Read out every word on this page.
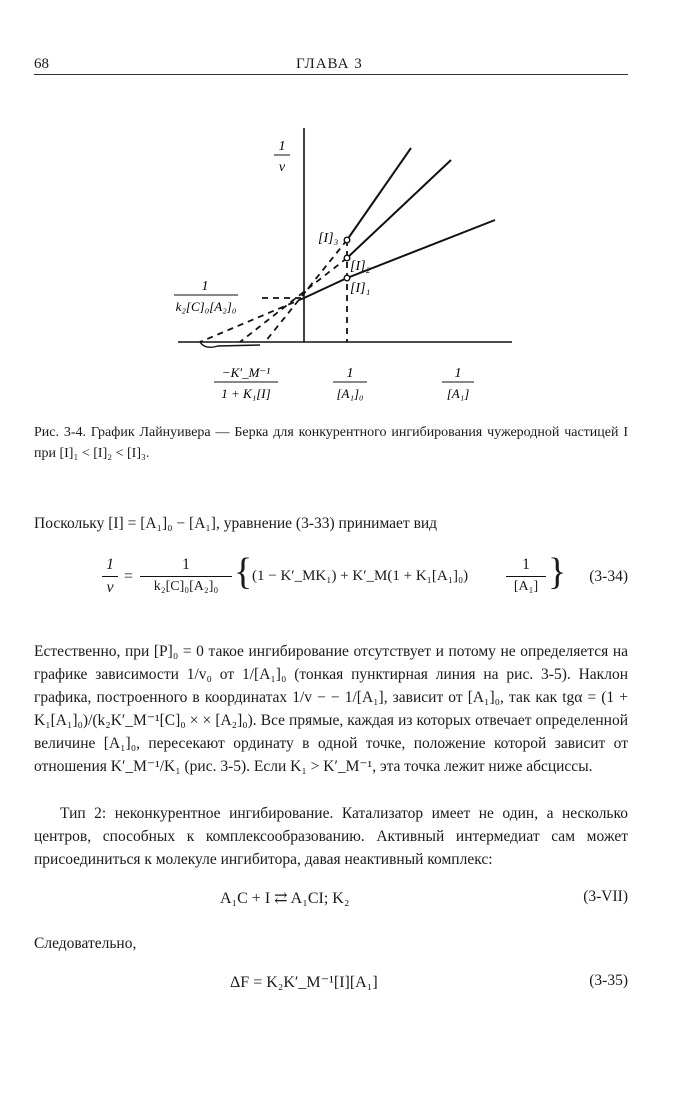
68	ГЛАВА 3
1
v
[I]₃
[I]₂
[I]₁
1
k₂[C]₀[A₂]₀
−K′_M⁻¹
1 + K₁[I]
1
[A₁]₀
1
[A₁]
Рис. 3-4. График Лайнуивера — Берка для конкурентного ингибирования чужеродной частицей I при [I]₁ < [I]₂ < [I]₃.
Поскольку [I] = [A₁]₀ − [A₁], уравнение (3-33) принимает вид
1
v
=
1
k₂[C]₀[A₂]₀ { (1 − K′_MK₁) + K′_M(1 + K₁[A₁]₀)
1
[A₁] } (3-34)
Естественно, при [P]₀ = 0 такое ингибирование отсутствует и потому не определяется на графике зависимости 1/v₀ от 1/[A₁]₀ (тонкая пунктирная линия на рис. 3-5). Наклон графика, построенного в координатах 1/v − − 1/[A₁], зависит от [A₁]₀, так как tgα = (1 + K₁[A₁]₀)/(k₂K′_M⁻¹[C]₀ × × [A₂]₀). Все прямые, каждая из которых отвечает определенной величине [A₁]₀, пересекают ординату в одной точке, положение которой зависит от отношения K′_M⁻¹/K₁ (рис. 3-5). Если K₁ > K′_M⁻¹, эта точка лежит ниже абсциссы.
Тип 2: неконкурентное ингибирование. Катализатор имеет не один, а несколько центров, способных к комплексообразованию. Активный интермедиат сам может присоединиться к молекуле ингибитора, давая неактивный комплекс:
A₁C + I ⇄ A₁CI; K₂	(3-VII)
Следовательно,
ΔF = K₂K′_M⁻¹[I][A₁]	(3-35)
